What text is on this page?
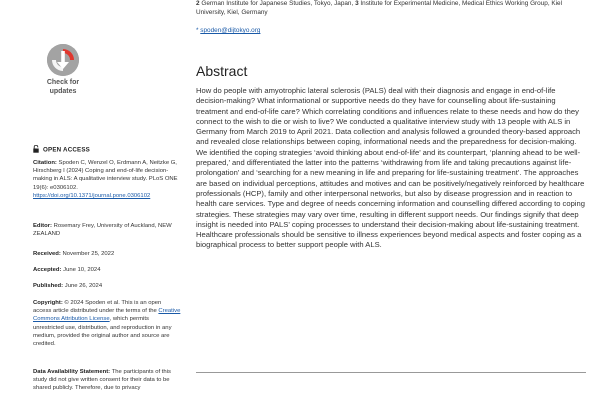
2 German Institute for Japanese Studies, Tokyo, Japan, 3 Institute for Experimental Medicine, Medical Ethics Working Group, Kiel University, Kiel, Germany
* spoden@dijtokyo.org
Check for
updates
OPEN ACCESS
Citation: Spoden C, Wenzel O, Erdmann A, Neitzke G, Hirschberg I (2024) Coping and end-of-life decision-making in ALS: A qualitative interview study. PLoS ONE 19(6): e0306102. https://doi.org/10.1371/journal.pone.0306102
Editor: Rosemary Frey, University of Auckland, NEW ZEALAND
Received: November 25, 2022
Accepted: June 10, 2024
Published: June 26, 2024
Copyright: © 2024 Spoden et al. This is an open access article distributed under the terms of the Creative Commons Attribution License, which permits unrestricted use, distribution, and reproduction in any medium, provided the original author and source are credited.
Data Availability Statement: The participants of this study did not give written consent for their data to be shared publicly. Therefore, due to privacy
Abstract
How do people with amyotrophic lateral sclerosis (PALS) deal with their diagnosis and engage in end-of-life decision-making? What informational or supportive needs do they have for counselling about life-sustaining treatment and end-of-life care? Which correlating conditions and influences relate to these needs and how do they connect to the wish to die or wish to live? We conducted a qualitative interview study with 13 people with ALS in Germany from March 2019 to April 2021. Data collection and analysis followed a grounded theory-based approach and revealed close relationships between coping, informational needs and the preparedness for decision-making. We identified the coping strategies ‘avoid thinking about end-of-life’ and its counterpart, ‘planning ahead to be well-prepared,’ and differentiated the latter into the patterns ‘withdrawing from life and taking precautions against life-prolongation’ and ‘searching for a new meaning in life and preparing for life-sustaining treatment’. The approaches are based on individual perceptions, attitudes and motives and can be positively/negatively reinforced by healthcare professionals (HCP), family and other interpersonal networks, but also by disease progression and in reaction to health care services. Type and degree of needs concerning information and counselling differed according to coping strategies. These strategies may vary over time, resulting in different support needs. Our findings signify that deep insight is needed into PALS’ coping processes to understand their decision-making about life-sustaining treatment. Healthcare professionals should be sensitive to illness experiences beyond medical aspects and foster coping as a biographical process to better support people with ALS.
